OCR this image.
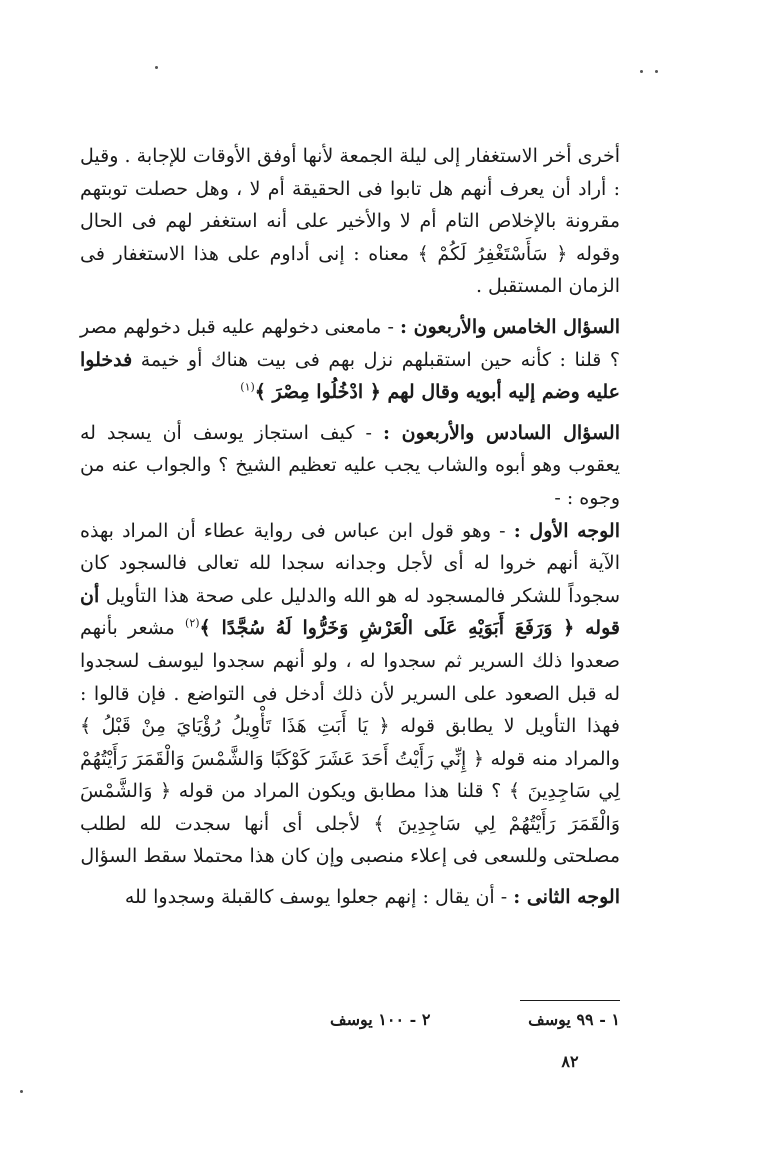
أخرى أخر الاستغفار إلى ليلة الجمعة لأنها أوفق الأوقات للإجابة . وقيل : أراد أن يعرف أنهم هل تابوا فى الحقيقة أم لا ، وهل حصلت توبتهم مقرونة بالإخلاص التام أم لا والأخير على أنه استغفر لهم فى الحال وقوله ﴿ سَأَسْتَغْفِرُ لَكُمْ ﴾ معناه : إنى أداوم على هذا الاستغفار فى الزمان المستقبل .

السؤال الخامس والأربعون : - مامعنى دخولهم عليه قبل دخولهم مصر ؟ قلنا : كأنه حين استقبلهم نزل بهم فى بيت هناك أو خيمة فدخلوا عليه وضم إليه أبويه وقال لهم ﴿ ادْخُلُوا مِصْرَ ﴾$^{(١)}$

السؤال السادس والأربعون : - كيف استجاز يوسف أن يسجد له يعقوب وهو أبوه والشاب يجب عليه تعظيم الشيخ ؟ والجواب عنه من وجوه : -

الوجه الأول : - وهو قول ابن عباس فى رواية عطاء أن المراد بهذه الآية أنهم خروا له أى لأجل وجدانه سجدا لله تعالى فالسجود كان سجوداً للشكر فالمسجود له هو الله والدليل على صحة هذا التأويل أن قوله ﴿ وَرَفَعَ أَبَوَيْهِ عَلَى الْعَرْشِ وَخَرُّوا لَهُ سُجَّدًا ﴾$^{(٢)}$ مشعر بأنهم صعدوا ذلك السرير ثم سجدوا له ، ولو أنهم سجدوا ليوسف لسجدوا له قبل الصعود على السرير لأن ذلك أدخل فى التواضع . فإن قالوا : فهذا التأويل لا يطابق قوله ﴿ يَا أَبَتِ هَذَا تَأْوِيلُ رُؤْيَايَ مِنْ قَبْلُ ﴾ والمراد منه قوله ﴿ إِنِّي رَأَيْتُ أَحَدَ عَشَرَ كَوْكَبًا وَالشَّمْسَ وَالْقَمَرَ رَأَيْتُهُمْ لِي سَاجِدِينَ ﴾ ؟ قلنا هذا مطابق ويكون المراد من قوله ﴿ وَالشَّمْسَ وَالْقَمَرَ رَأَيْتُهُمْ لِي سَاجِدِينَ ﴾ لأجلى أى أنها سجدت لله لطلب مصلحتى وللسعى فى إعلاء منصبى وإن كان هذا محتملا سقط السؤال

الوجه الثانى : - أن يقال : إنهم جعلوا يوسف كالقبلة وسجدوا لله

١ - ٩٩ يوسف
٢ - ١٠٠ يوسف
٨٢
